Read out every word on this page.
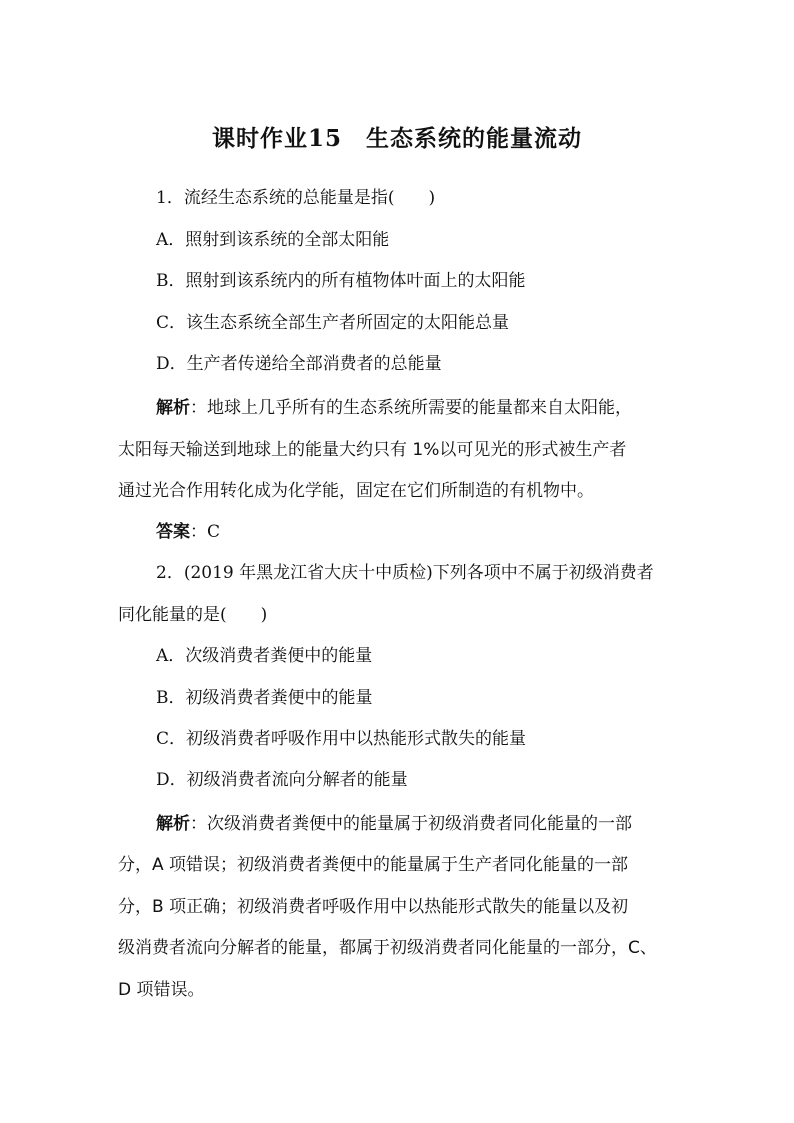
课时作业15　生态系统的能量流动
1．流经生态系统的总能量是指(　　)
A．照射到该系统的全部太阳能
B．照射到该系统内的所有植物体叶面上的太阳能
C．该生态系统全部生产者所固定的太阳能总量
D．生产者传递给全部消费者的总能量
解析：地球上几乎所有的生态系统所需要的能量都来自太阳能，
太阳每天输送到地球上的能量大约只有 1%以可见光的形式被生产者
通过光合作用转化成为化学能，固定在它们所制造的有机物中。
答案：C
2．(2019 年黑龙江省大庆十中质检)下列各项中不属于初级消费者
同化能量的是(　　)
A．次级消费者粪便中的能量
B．初级消费者粪便中的能量
C．初级消费者呼吸作用中以热能形式散失的能量
D．初级消费者流向分解者的能量
解析：次级消费者粪便中的能量属于初级消费者同化能量的一部
分，A 项错误；初级消费者粪便中的能量属于生产者同化能量的一部
分，B 项正确；初级消费者呼吸作用中以热能形式散失的能量以及初
级消费者流向分解者的能量，都属于初级消费者同化能量的一部分，C、
D 项错误。
